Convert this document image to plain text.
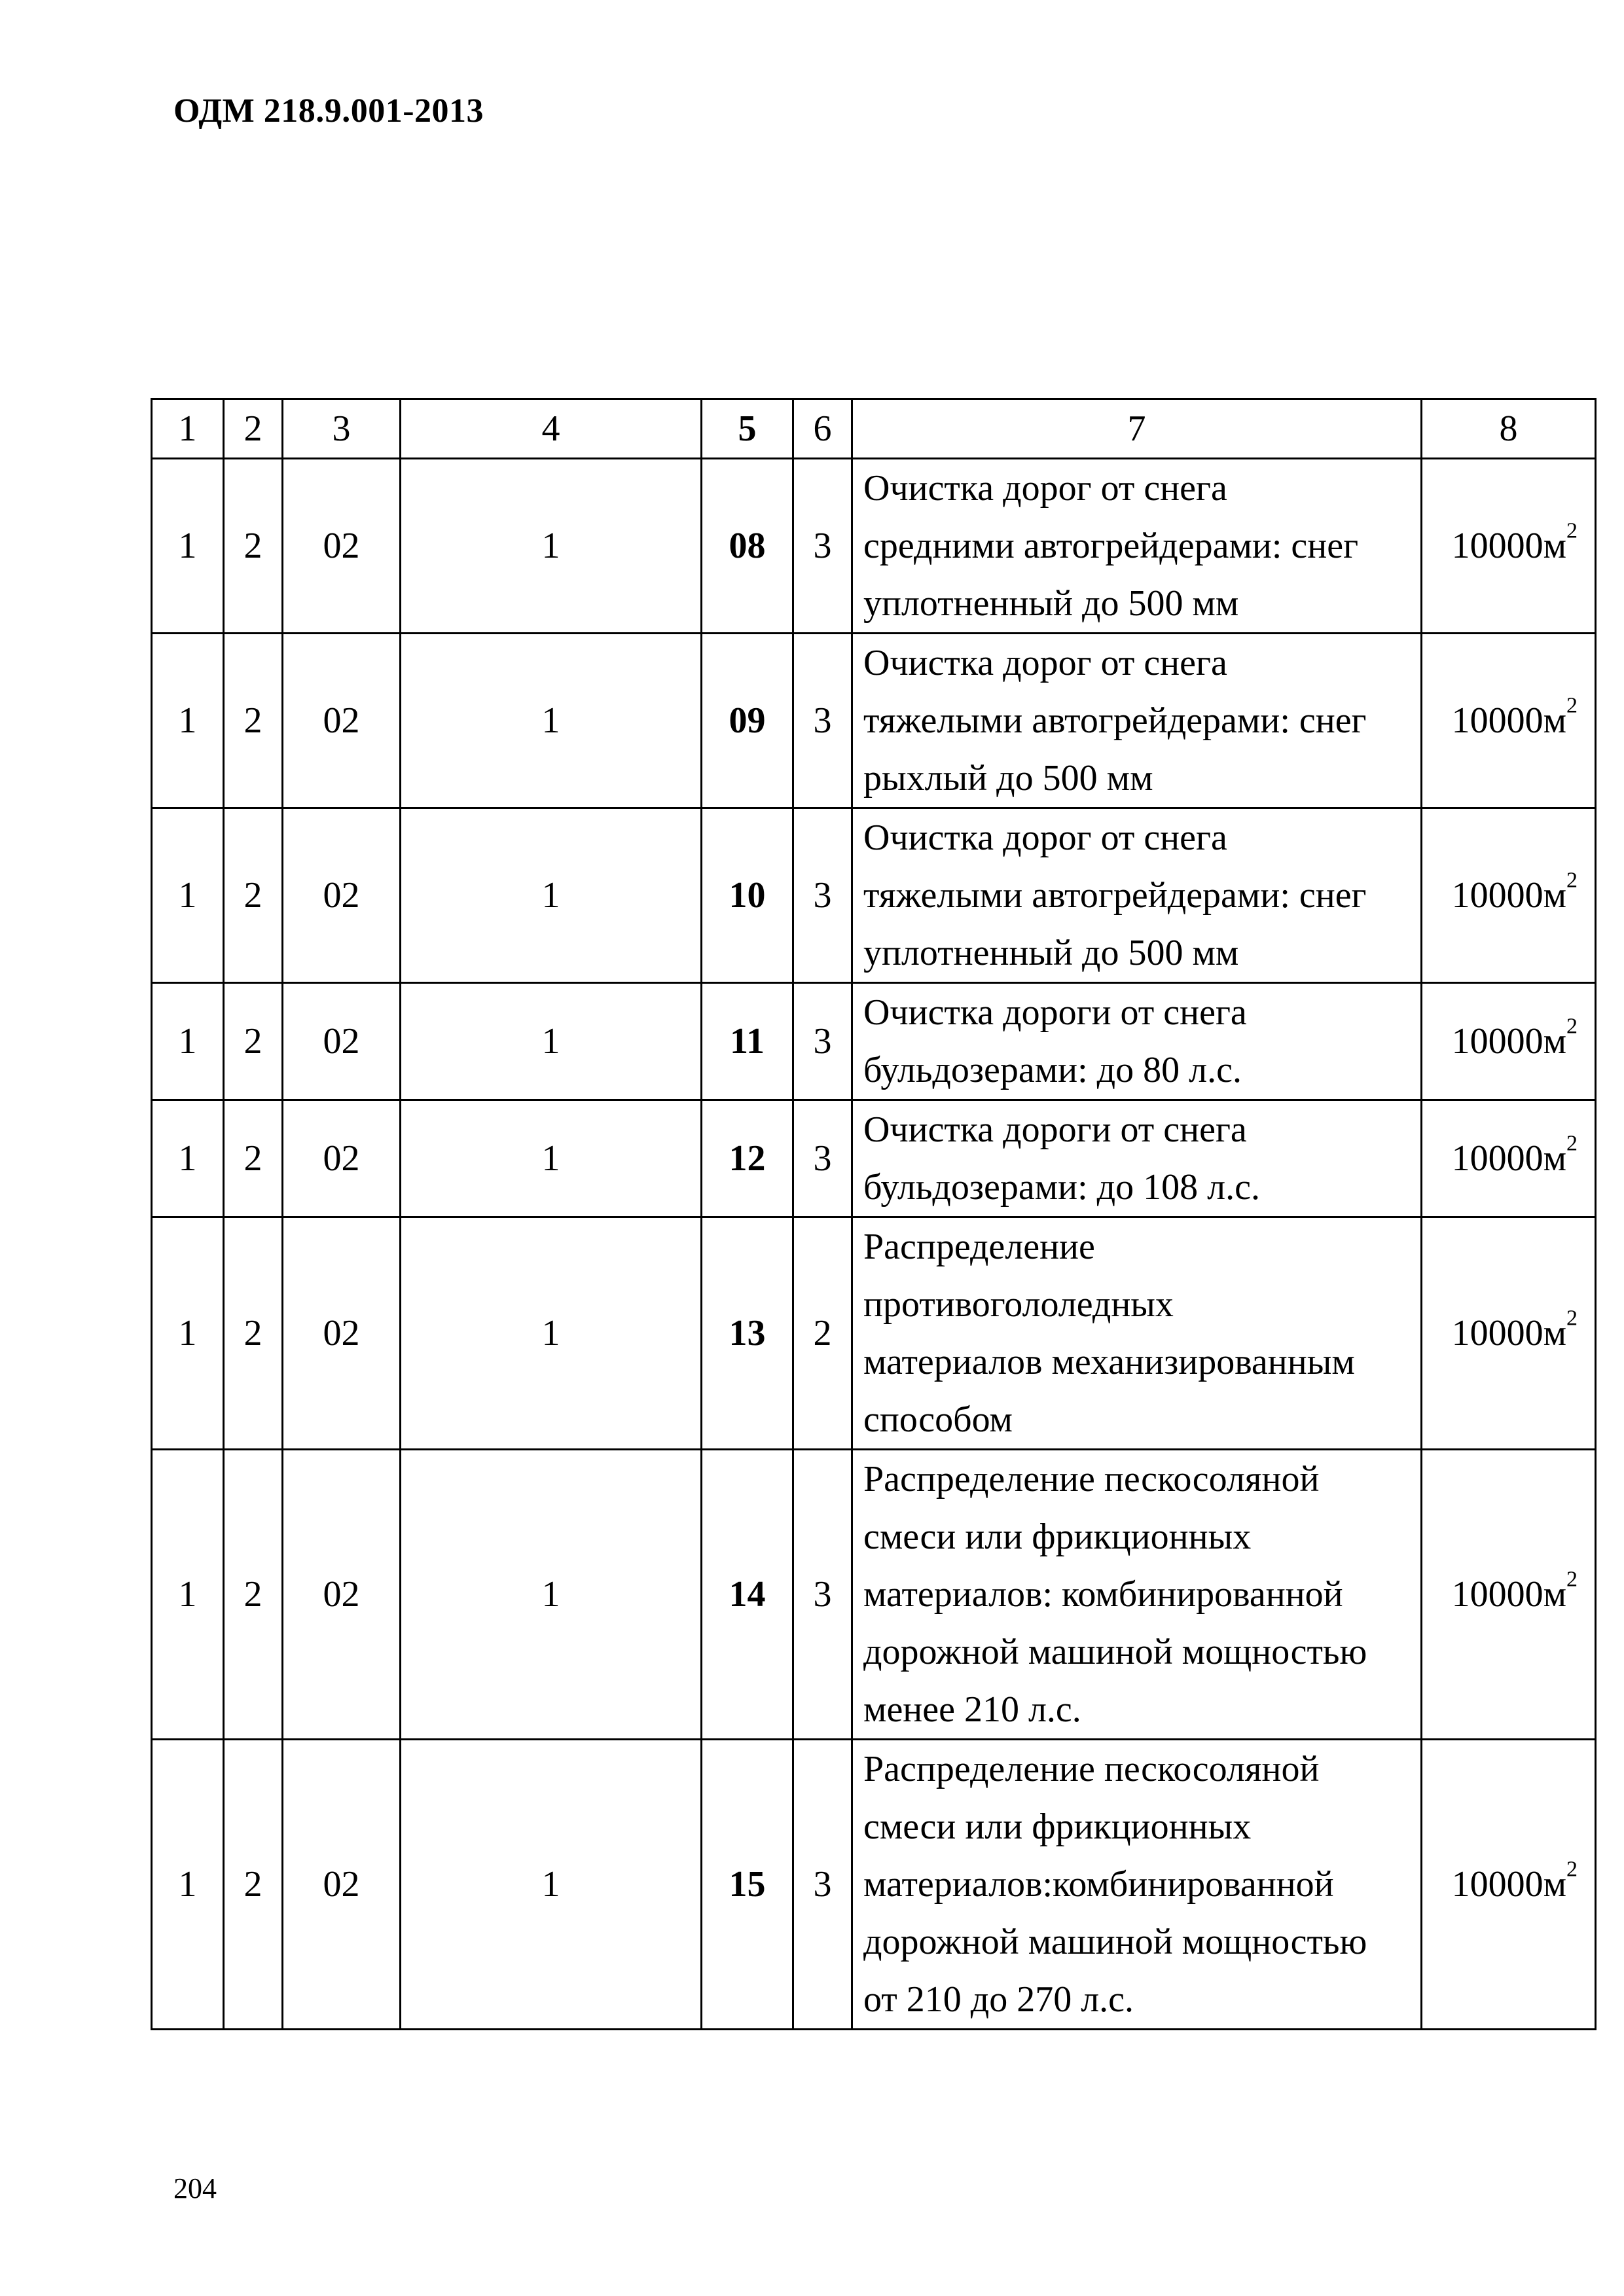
ОДМ 218.9.001-2013
1	2	3	4	5	6	7	8
1	2	02	1	08	3	Очистка дорог от снега
средними автогрейдерами: снег
уплотненный до 500 мм	$10000м^2$
1	2	02	1	09	3	Очистка дорог от снега
тяжелыми автогрейдерами: снег
рыхлый до 500 мм	$10000м^2$
1	2	02	1	10	3	Очистка дорог от снега
тяжелыми автогрейдерами: снег
уплотненный до 500 мм	$10000м^2$
1	2	02	1	11	3	Очистка дороги от снега
бульдозерами: до 80 л.с.	$10000м^2$
1	2	02	1	12	3	Очистка дороги от снега
бульдозерами: до 108 л.с.	$10000м^2$
1	2	02	1	13	2	Распределение
противогололедных
материалов механизированным
способом	$10000м^2$
1	2	02	1	14	3	Распределение пескосоляной
смеси или фрикционных
материалов: комбинированной
дорожной машиной мощностью
менее 210 л.с.	$10000м^2$
1	2	02	1	15	3	Распределение пескосоляной
смеси или фрикционных
материалов:комбинированной
дорожной машиной мощностью
от 210 до 270 л.с.	$10000м^2$
204
